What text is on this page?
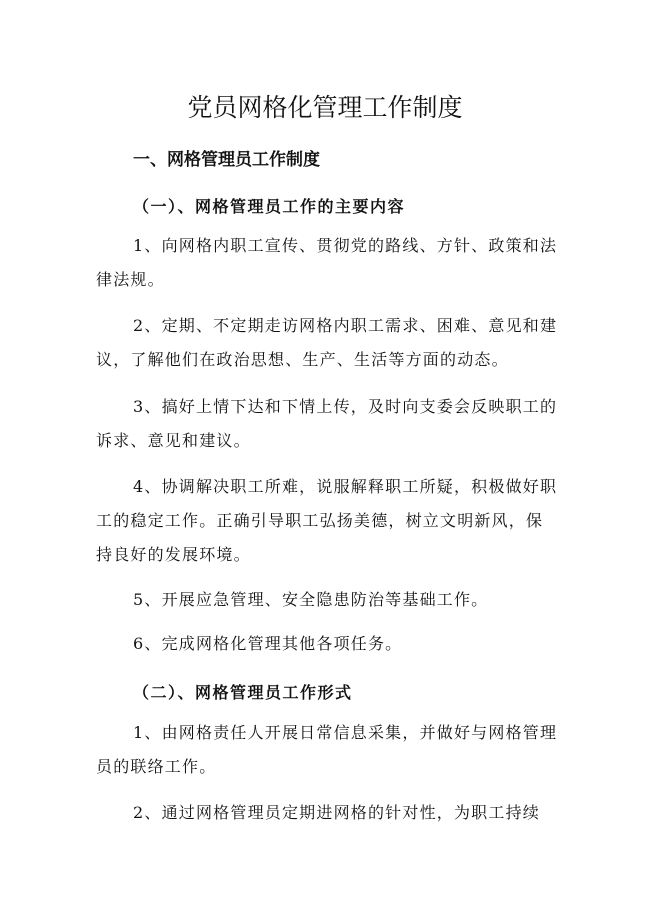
党员网格化管理工作制度
一、网格管理员工作制度
（一）、网格管理员工作的主要内容

1、向网格内职工宣传、贯彻党的路线、方针、政策和法律法规。

2、定期、不定期走访网格内职工需求、困难、意见和建议，了解他们在政治思想、生产、生活等方面的动态。

3、搞好上情下达和下情上传，及时向支委会反映职工的诉求、意见和建议。

4、协调解决职工所难，说服解释职工所疑，积极做好职工的稳定工作。正确引导职工弘扬美德，树立文明新风，保持良好的发展环境。

5、开展应急管理、安全隐患防治等基础工作。

6、完成网格化管理其他各项任务。

（二）、网格管理员工作形式

1、由网格责任人开展日常信息采集，并做好与网格管理员的联络工作。

2、通过网格管理员定期进网格的针对性，为职工持续
